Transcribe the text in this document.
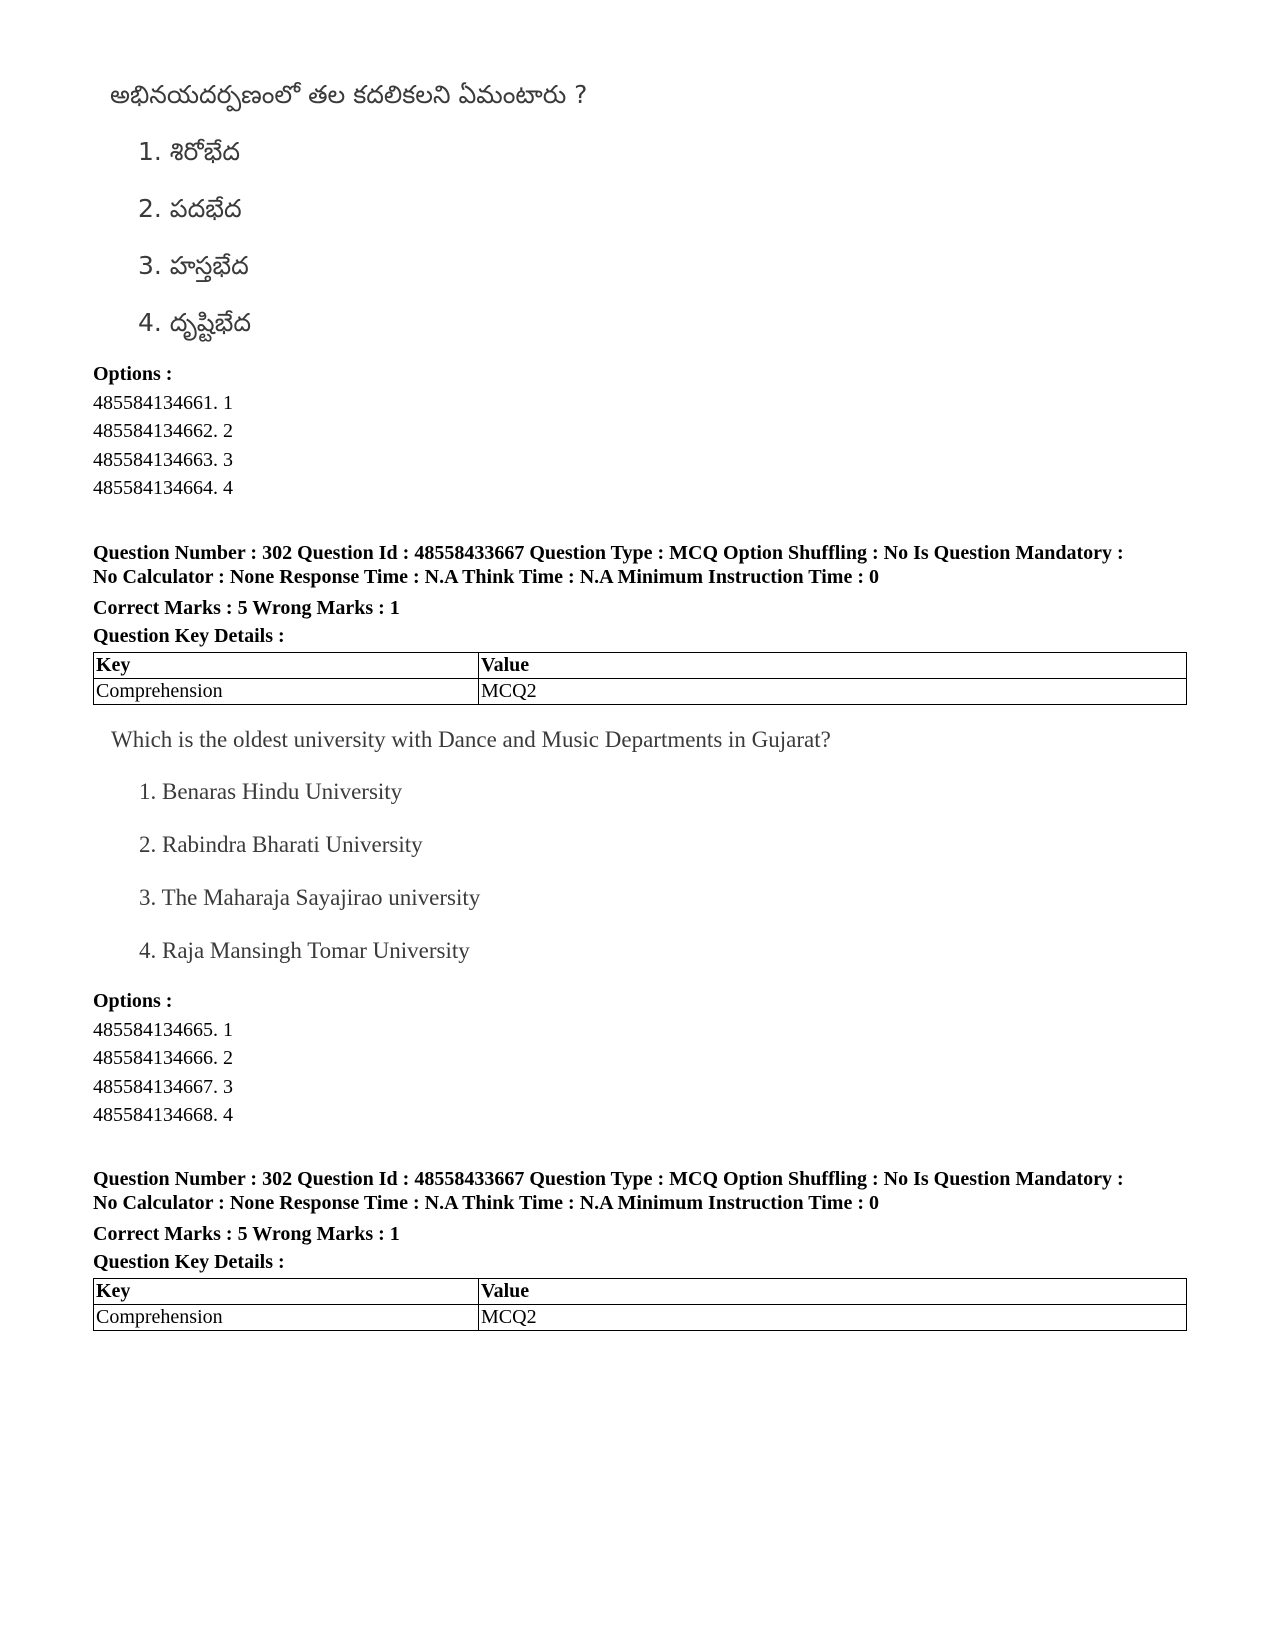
అభినయదర్పణంలో తల కదలికలని ఏమంటారు ?
1. శిరోభేద
2. పదభేద
3. హస్తభేద
4. దృష్టిభేద
Options :
485584134661. 1
485584134662. 2
485584134663. 3
485584134664. 4
Question Number : 302 Question Id : 48558433667 Question Type : MCQ Option Shuffling : No Is Question Mandatory :
No Calculator : None Response Time : N.A Think Time : N.A Minimum Instruction Time : 0
Correct Marks : 5 Wrong Marks : 1
Question Key Details :
Key	Value
Comprehension	MCQ2
Which is the oldest university with Dance and Music Departments in Gujarat?
1. Benaras Hindu University
2. Rabindra Bharati University
3. The Maharaja Sayajirao university
4. Raja Mansingh Tomar University
Options :
485584134665. 1
485584134666. 2
485584134667. 3
485584134668. 4
Question Number : 302 Question Id : 48558433667 Question Type : MCQ Option Shuffling : No Is Question Mandatory :
No Calculator : None Response Time : N.A Think Time : N.A Minimum Instruction Time : 0
Correct Marks : 5 Wrong Marks : 1
Question Key Details :
Key	Value
Comprehension	MCQ2
